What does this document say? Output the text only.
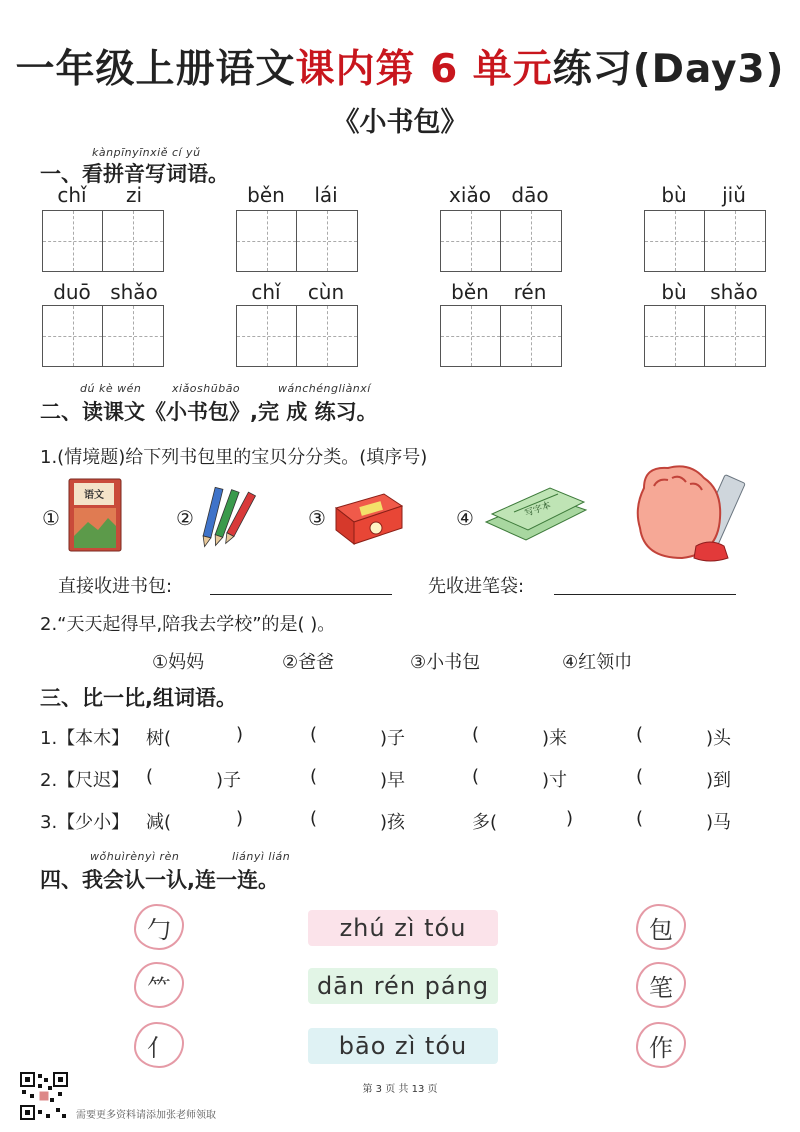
一年级上册语文课内第 6 单元练习(Day3)
《小书包》
kànpīnyīnxiě cí yǔ
一、看拼音写词语。
chǐ	zi	běn	lái	xiǎo	dāo	bù	jiǔ
duō shǎo	chǐ	cùn	běn	rén	bù	shǎo
dú kè wén	xiǎoshūbāo	wánchéngliànxí
二、读课文《小书包》,完 成 练习。
1.(情境题)给下列书包里的宝贝分分类。(填序号)
①
语文
②	③	④	写字本
直接收进书包:	先收进笔袋:
2.“天天起得早,陪我去学校”的是( )。
①妈妈	②爸爸	③小书包	④红领巾
三、比一比,组词语。
1.【本木】 树(	)	(	)子	(	)来	(	)头
2.【尺迟】 (	)子	(	)早	(	)寸	(	)到
3.【少小】 减(	)	(	)孩	多(	)	(	)马
wǒhuìrènyì rèn	liányì lián
四、我会认一认,连一连。
勹
⺮
亻
zhú zì tóu
dān rén páng
bāo zì tóu
包
笔
作
第 3 页 共 13 页
需要更多资料请添加张老师领取
